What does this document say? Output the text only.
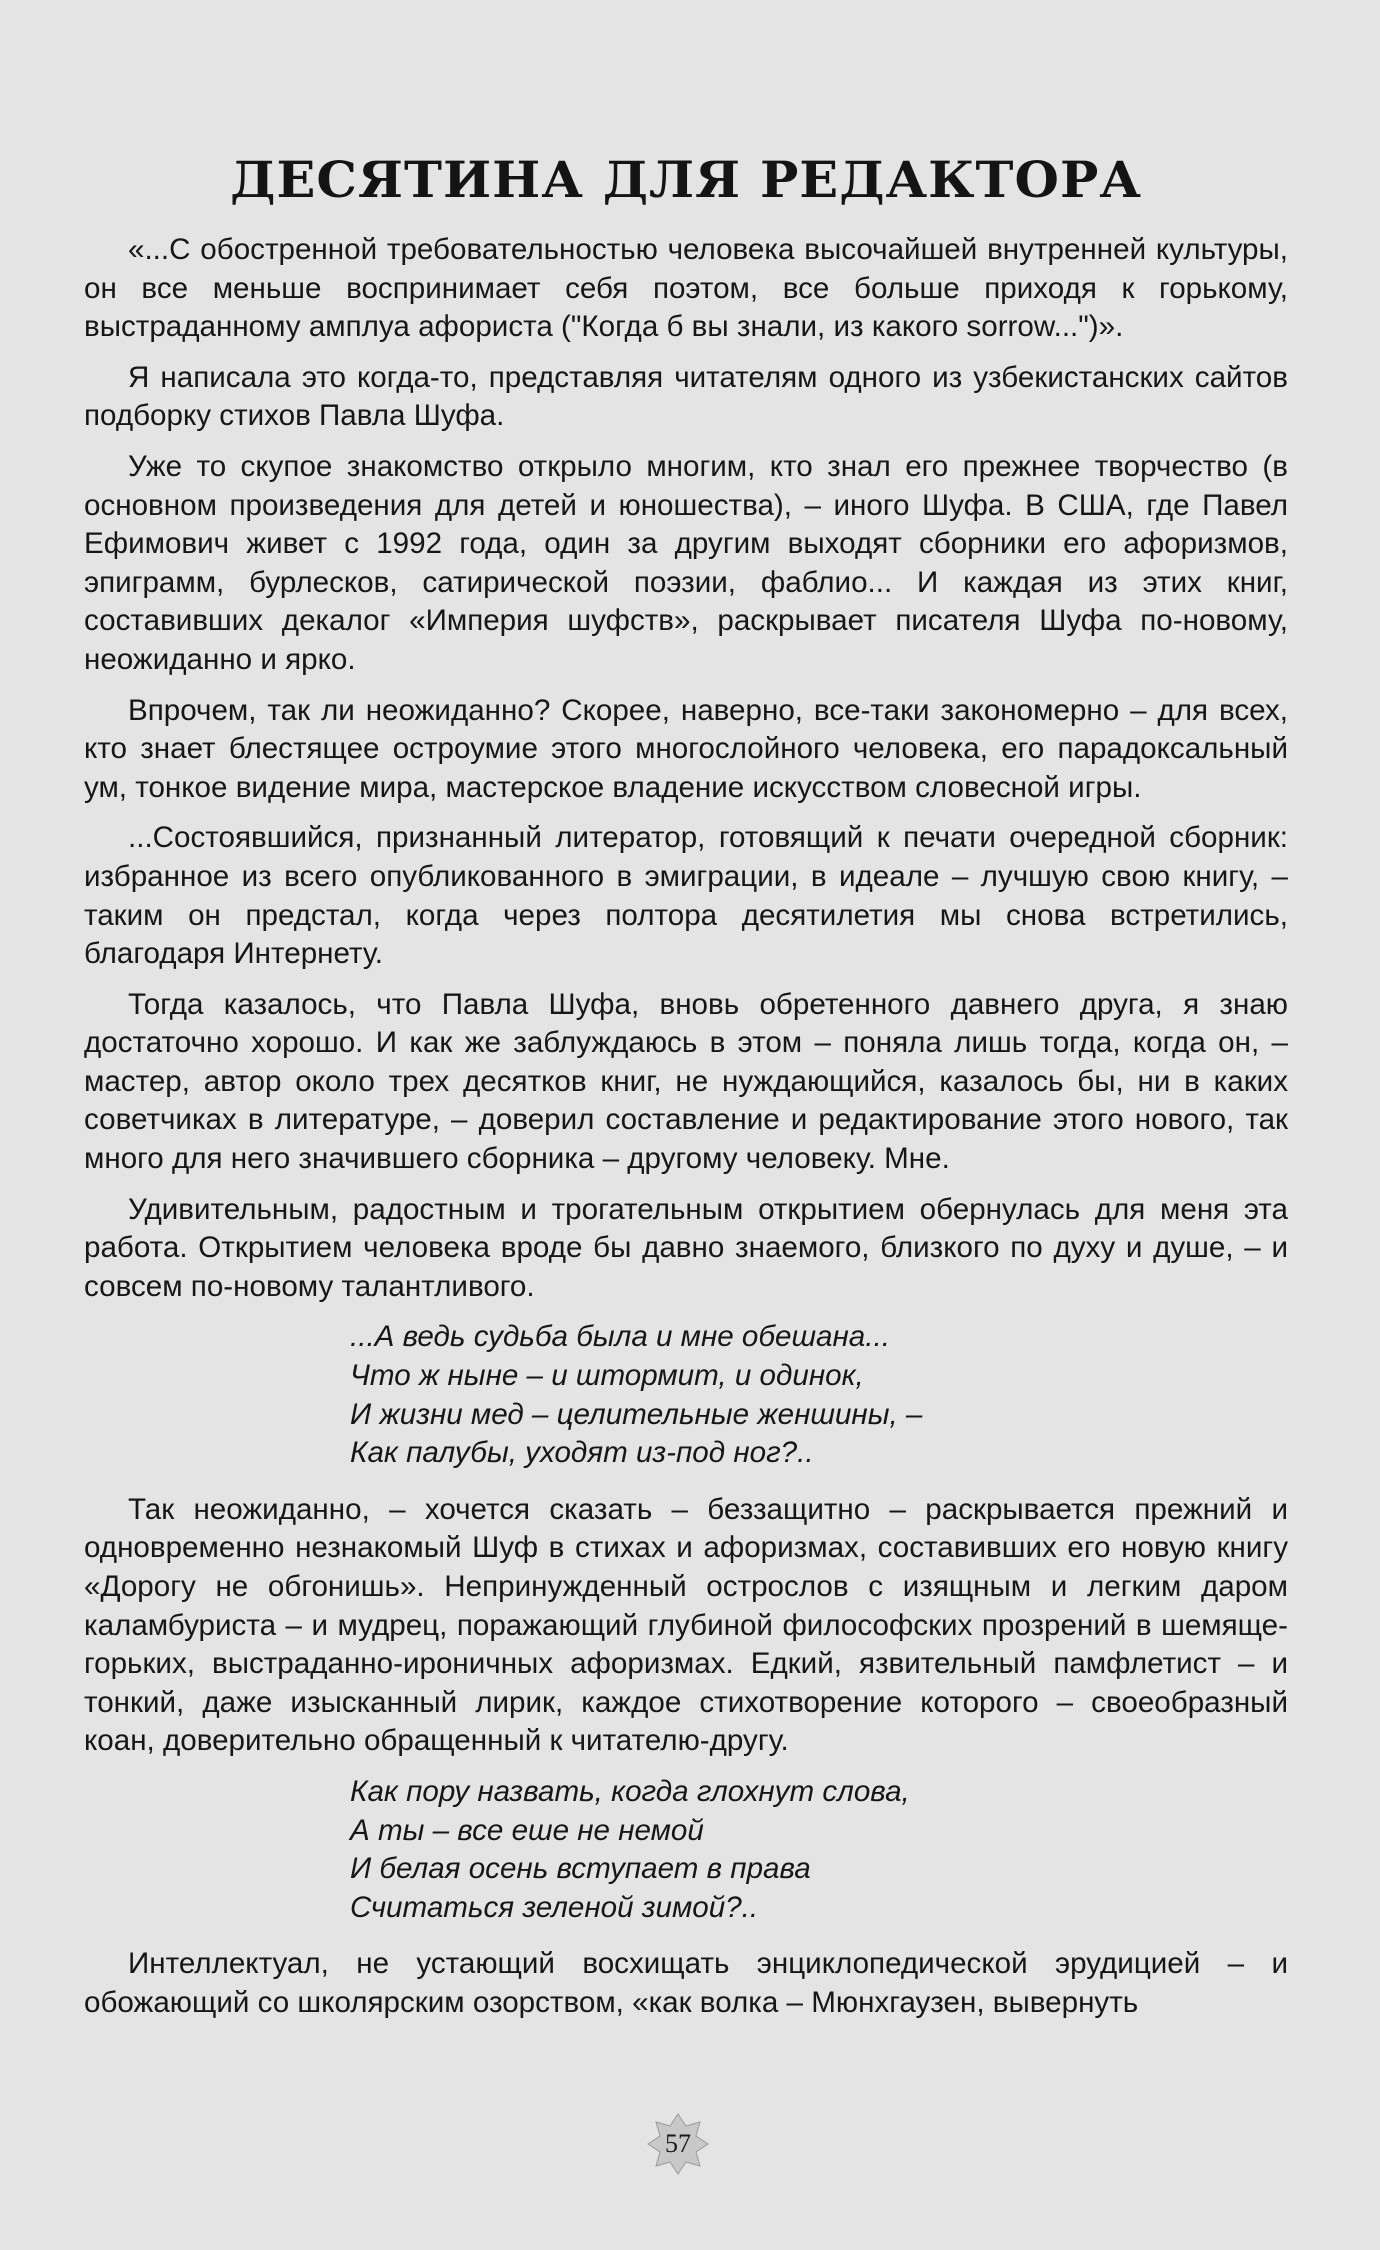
ДЕСЯТИНА ДЛЯ РЕДАКТОРА

«...С обостренной требовательностью человека высочайшей внутренней культуры, он все меньше воспринимает себя поэтом, все больше приходя к горькому, выстраданному амплуа афориста ("Когда б вы знали, из какого sorrow...")».

Я написала это когда-то, представляя читателям одного из узбекистанских сайтов подборку стихов Павла Шуфа.

Уже то скупое знакомство открыло многим, кто знал его прежнее творчество (в основном произведения для детей и юношества), – иного Шуфа. В США, где Павел Ефимович живет с 1992 года, один за другим выходят сборники его афоризмов, эпиграмм, бурлесков, сатирической поэзии, фаблио... И каждая из этих книг, составивших декалог «Империя шуфств», раскрывает писателя Шуфа по-новому, неожиданно и ярко.

Впрочем, так ли неожиданно? Скорее, наверно, все-таки закономерно – для всех, кто знает блестящее остроумие этого многослойного человека, его парадоксальный ум, тонкое видение мира, мастерское владение искусством словесной игры.

...Состоявшийся, признанный литератор, готовящий к печати очередной сборник: избранное из всего опубликованного в эмиграции, в идеале – лучшую свою книгу, – таким он предстал, когда через полтора десятилетия мы снова встретились, благодаря Интернету.

Тогда казалось, что Павла Шуфа, вновь обретенного давнего друга, я знаю достаточно хорошо. И как же заблуждаюсь в этом – поняла лишь тогда, когда он, – мастер, автор около трех десятков книг, не нуждающийся, казалось бы, ни в каких советчиках в литературе, – доверил составление и редактирование этого нового, так много для него значившего сборника – другому человеку. Мне.

Удивительным, радостным и трогательным открытием обернулась для меня эта работа. Открытием человека вроде бы давно знаемого, близкого по духу и душе, – и совсем по-новому талантливого.

...А ведь судьба была и мне обешана...
Что ж ныне – и штормит, и одинок,
И жизни мед – целительные женшины, –
Как палубы, уходят из-под ног?..

Так неожиданно, – хочется сказать – беззащитно – раскрывается прежний и одновременно незнакомый Шуф в стихах и афоризмах, составивших его новую книгу «Дорогу не обгонишь». Непринужденный острослов с изящным и легким даром каламбуриста – и мудрец, поражающий глубиной философских прозрений в шемяще-горьких, выстраданно-ироничных афоризмах. Едкий, язвительный памфлетист – и тонкий, даже изысканный лирик, каждое стихотворение которого – своеобразный коан, доверительно обращенный к читателю-другу.

Как пору назвать, когда глохнут слова,
А ты – все еше не немой
И белая осень вступает в права
Считаться зеленой зимой?..

Интеллектуал, не устающий восхищать энциклопедической эрудицией – и обожающий со школярским озорством, «как волка – Мюнхгаузен, вывернуть

57
